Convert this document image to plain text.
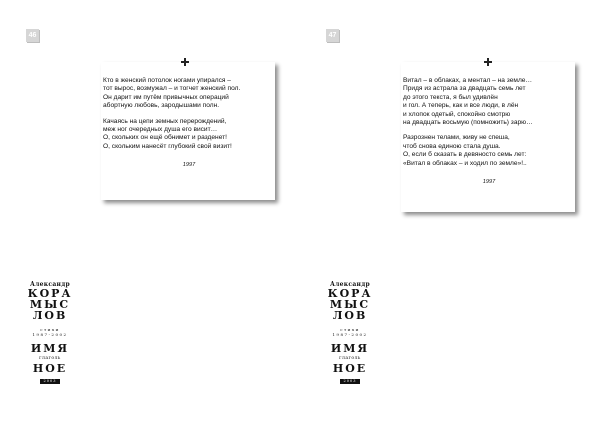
46
Кто в женский потолок ногами упирался –
тот вырос, возмужал – и тогчет женский пол.
Он дарит им путём привычных операций
абортную любовь, зародышами полн.
Качаясь на цепи земных перерождений,
меж ног очередных душа его висит…
О, скольких он ещё обнимет и разденет!
О, скольким нанесёт глубокий свой визит!
1997
Александр
КОРА
МЫС
ЛОВ
стихи
1987-2002
ИМЯ
глаголь
НОЕ
2003
47
Витал – в облаках, а ментал – на земле…
Придя из астрала за двадцать семь лет
до этого текста, я был удивлён
и гол. А теперь, как и все люди, в лён
и хлопок одетый, спокойно смотрю
на двадцать восьмую (помножить) зарю…
Разрознен телами, живу не спеша,
чтоб снова единою стала душа.
О, если б сказать в девяносто семь лет:
«Витал в облаках – и ходил по земле»!..
1997
Александр
КОРА
МЫС
ЛОВ
стихи
1987-2002
ИМЯ
глаголь
НОЕ
2003
